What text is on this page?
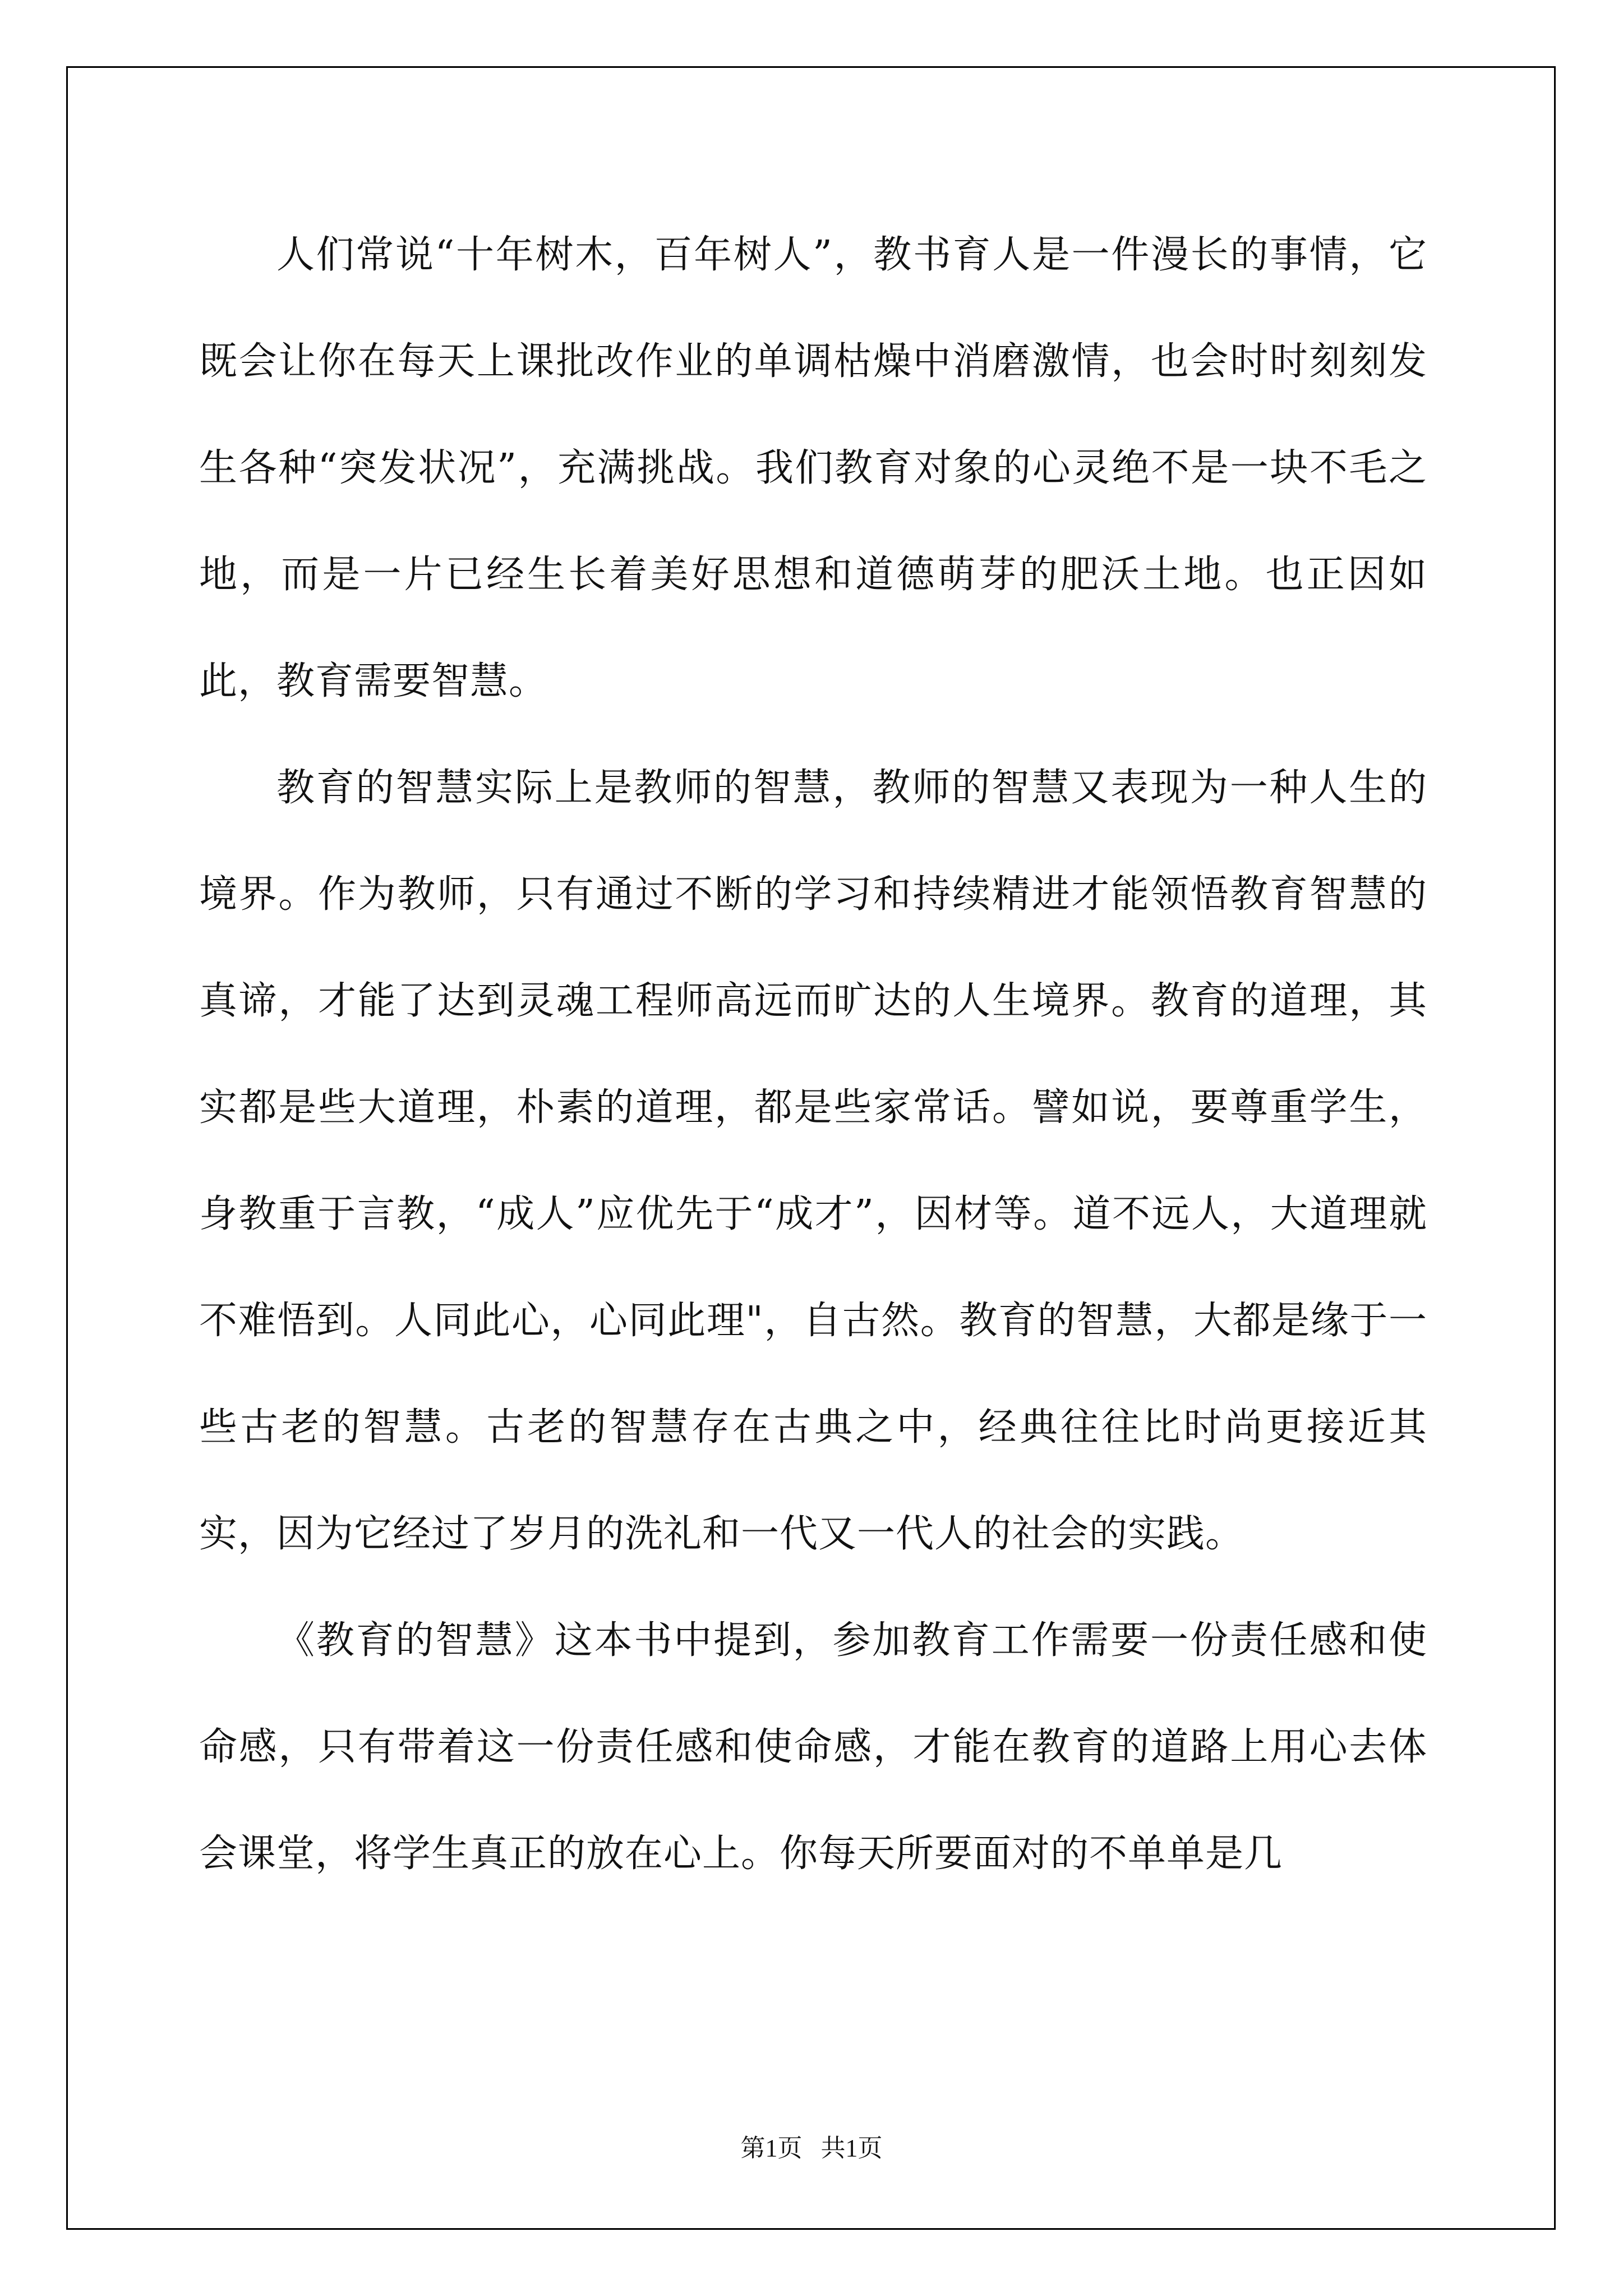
人们常说“十年树木，百年树人”，教书育人是一件漫长的事情，它既会让你在每天上课批改作业的单调枯燥中消磨激情，也会时时刻刻发生各种“突发状况”，充满挑战。我们教育对象的心灵绝不是一块不毛之地，而是一片已经生长着美好思想和道德萌芽的肥沃土地。也正因如此，教育需要智慧。

教育的智慧实际上是教师的智慧，教师的智慧又表现为一种人生的境界。作为教师，只有通过不断的学习和持续精进才能领悟教育智慧的真谛，才能了达到灵魂工程师高远而旷达的人生境界。教育的道理，其实都是些大道理，朴素的道理，都是些家常话。譬如说，要尊重学生，身教重于言教，“成人”应优先于“成才”，因材等。道不远人，大道理就不难悟到。人同此心，心同此理"，自古然。教育的智慧，大都是缘于一些古老的智慧。古老的智慧存在古典之中，经典往往比时尚更接近其实，因为它经过了岁月的洗礼和一代又一代人的社会的实践。

《教育的智慧》这本书中提到，参加教育工作需要一份责任感和使命感，只有带着这一份责任感和使命感，才能在教育的道路上用心去体会课堂，将学生真正的放在心上。你每天所要面对的不单单是几

第1页 共1页
